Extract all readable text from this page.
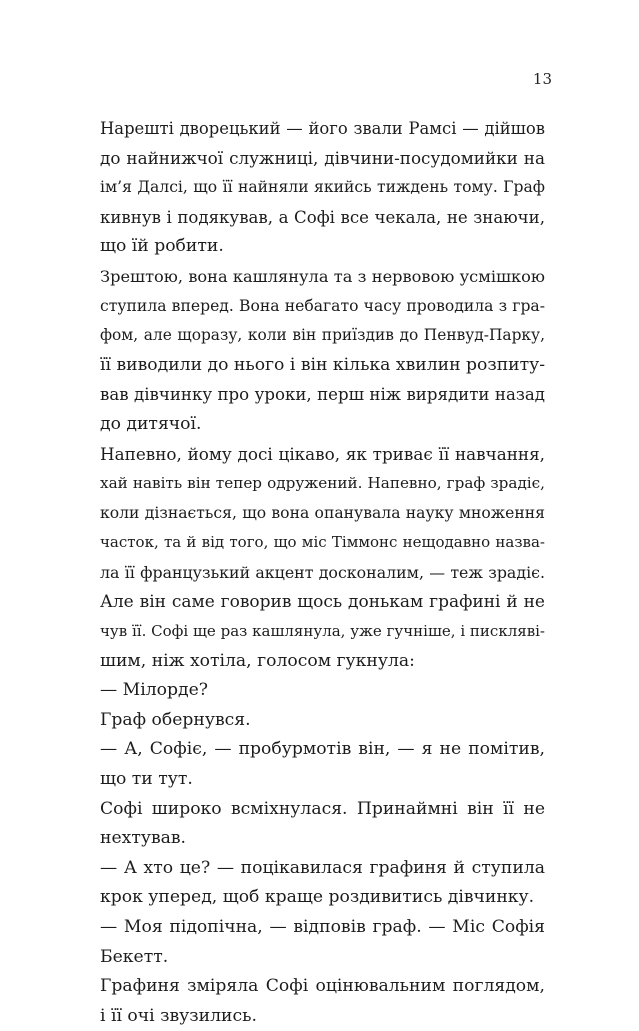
13
Нарешті дворецький — його звали Рамсі — дійшов
до найнижчої служниці, дівчини-посудомийки на
ім’я Далсі, що її найняли якийсь тиждень тому. Граф
кивнув і подякував, а Софі все чекала, не знаючи,
що їй робити.
Зрештою, вона кашлянула та з нервовою усмішкою
ступила вперед. Вона небагато часу проводила з гра-
фом, але щоразу, коли він приїздив до Пенвуд-Парку,
її виводили до нього і він кілька хвилин розпиту-
вав дівчинку про уроки, перш ніж вирядити назад
до дитячої.
Напевно, йому досі цікаво, як триває її навчання,
хай навіть він тепер одружений. Напевно, граф зрадіє,
коли дізнається, що вона опанувала науку множення
часток, та й від того, що міс Тіммонс нещодавно назва-
ла її французький акцент досконалим, — теж зрадіє.
Але він саме говорив щось донькам графині й не
чув її. Софі ще раз кашлянула, уже гучніше, і пискляві-
шим, ніж хотіла, голосом гукнула:
— Мілорде?
Граф обернувся.
— А, Софіє, — пробурмотів він, — я не помітив,
що ти тут.
Софі широко всміхнулася. Принаймні він її не
нехтував.
— А хто це? — поцікавилася графиня й ступила
крок уперед, щоб краще роздивитись дівчинку.
— Моя підопічна, — відповів граф. — Міс Софія
Бекетт.
Графиня зміряла Софі оцінювальним поглядом,
і її очі звузились.
